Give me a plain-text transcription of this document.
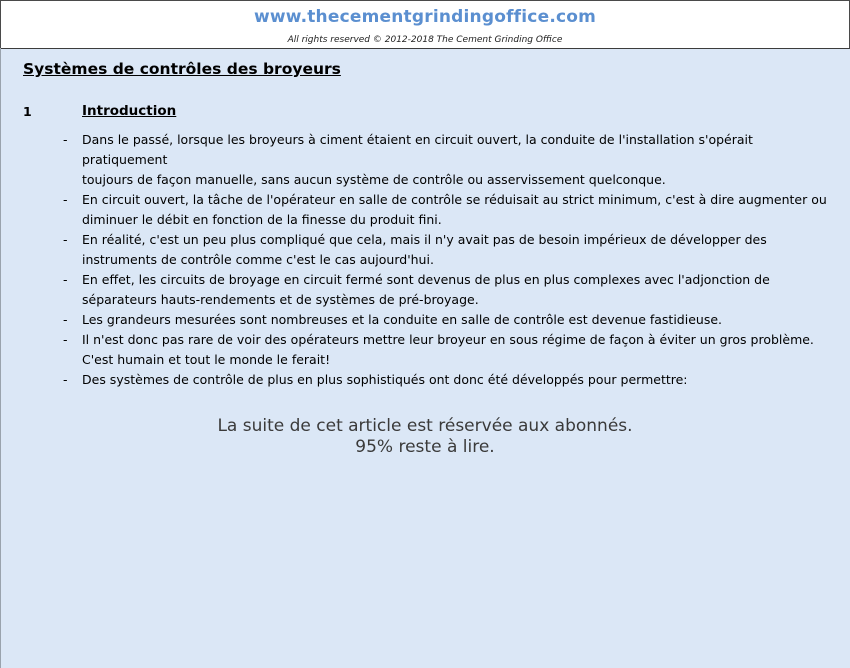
www.thecementgrindingoffice.com
All rights reserved © 2012-2018 The Cement Grinding Office
Systèmes de contrôles des broyeurs
1	Introduction
- Dans le passé, lorsque les broyeurs à ciment étaient en circuit ouvert, la conduite de l'installation s'opérait pratiquement
toujours de façon manuelle, sans aucun système de contrôle ou asservissement quelconque.
- En circuit ouvert, la tâche de l'opérateur en salle de contrôle se réduisait au strict minimum, c'est à dire augmenter ou
diminuer le débit en fonction de la finesse du produit fini.
- En réalité, c'est un peu plus compliqué que cela, mais il n'y avait pas de besoin impérieux de développer des
instruments de contrôle comme c'est le cas aujourd'hui.
- En effet, les circuits de broyage en circuit fermé sont devenus de plus en plus complexes avec l'adjonction de
séparateurs hauts-rendements et de systèmes de pré-broyage.
- Les grandeurs mesurées sont nombreuses et la conduite en salle de contrôle est devenue fastidieuse.
- Il n'est donc pas rare de voir des opérateurs mettre leur broyeur en sous régime de façon à éviter un gros problème.
C'est humain et tout le monde le ferait!
- Des systèmes de contrôle de plus en plus sophistiqués ont donc été développés pour permettre:
La suite de cet article est réservée aux abonnés.
95% reste à lire.
